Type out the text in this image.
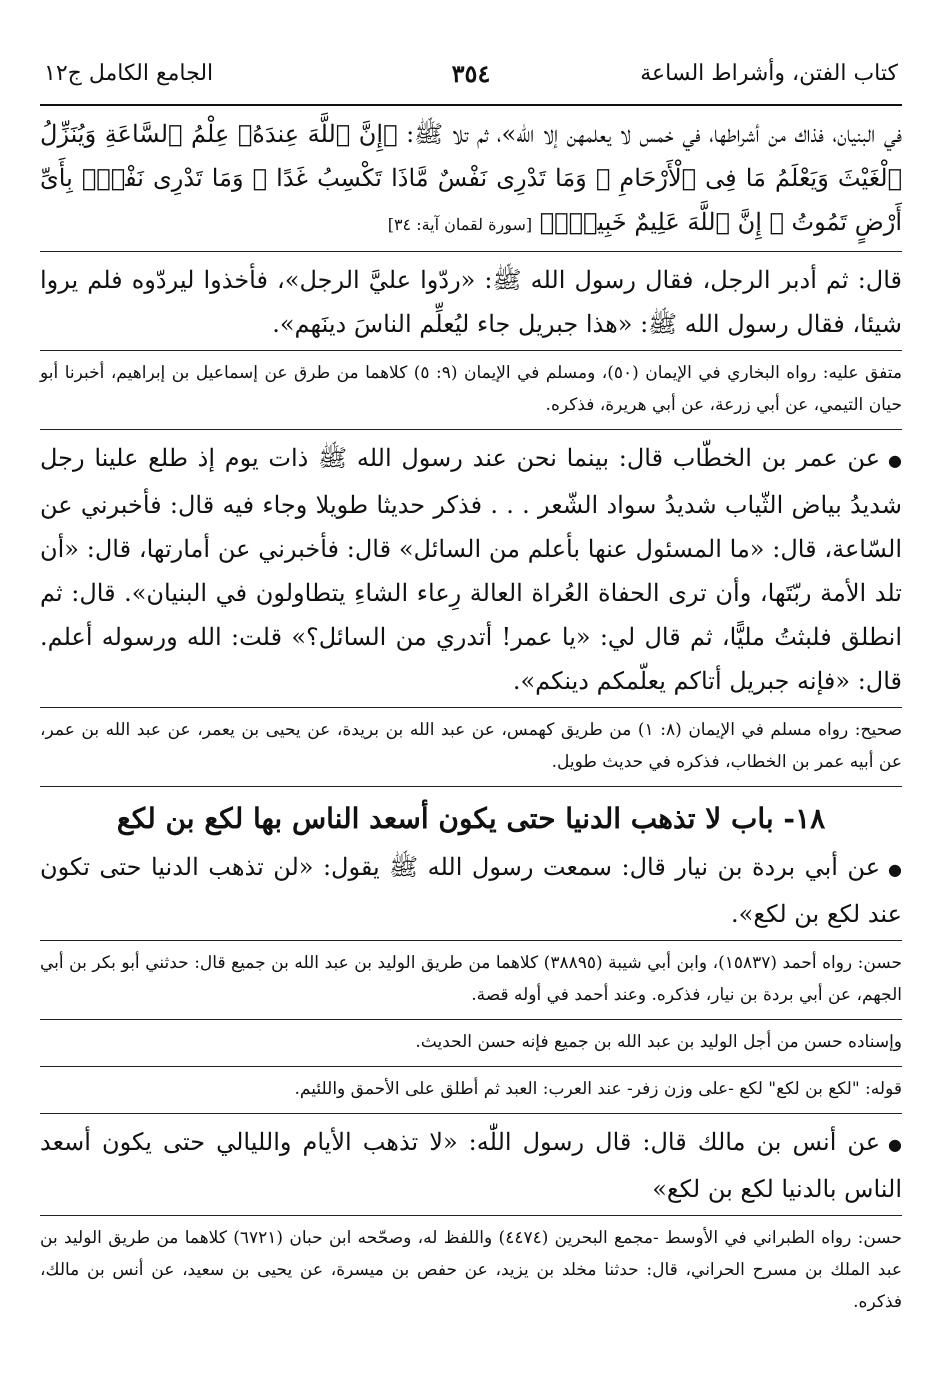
كتاب الفتن، وأشراط الساعة
٣٥٤
الجامع الكامل ج١٢

في البنيان، فذاك من أشراطها، في خمس لا يعلمهن إلا الله»، ثم تلا ﷺ: ﴿إِنَّ ٱللَّهَ عِندَهُۥ عِلْمُ ٱلسَّاعَةِ وَيُنَزِّلُ ٱلْغَيْثَ وَيَعْلَمُ مَا فِى ٱلْأَرْحَامِ ۖ وَمَا تَدْرِى نَفْسٌ مَّاذَا تَكْسِبُ غَدًا ۖ وَمَا تَدْرِى نَفْسٌۢ بِأَىِّ أَرْضٍ تَمُوتُ ۚ إِنَّ ٱللَّهَ عَلِيمٌ خَبِيرٌۢ﴾ [سورة لقمان آية: ٣٤]

قال: ثم أدبر الرجل، فقال رسول الله ﷺ: «ردّوا عليَّ الرجل»، فأخذوا ليردّوه فلم يروا شيئا، فقال رسول الله ﷺ: «هذا جبريل جاء ليُعلِّم الناسَ دينَهم».

متفق عليه: رواه البخاري في الإيمان (٥٠)، ومسلم في الإيمان (٩: ٥) كلاهما من طرق عن إسماعيل بن إبراهيم، أخبرنا أبو حيان التيمي، عن أبي زرعة، عن أبي هريرة، فذكره.

●عن عمر بن الخطّاب قال: بينما نحن عند رسول الله ﷺ ذات يوم إذ طلع علينا رجل شديدُ بياض الثّياب شديدُ سواد الشّعر . . . فذكر حديثا طويلا وجاء فيه قال: فأخبرني عن السّاعة، قال: «ما المسئول عنها بأعلم من السائل» قال: فأخبرني عن أمارتها، قال: «أن تلد الأمة ربّتَها، وأن ترى الحفاة العُراة العالة رِعاء الشاءِ يتطاولون في البنيان». قال: ثم انطلق فلبثتُ مليًّا، ثم قال لي: «يا عمر! أتدري من السائل؟» قلت: الله ورسوله أعلم. قال: «فإنه جبريل أتاكم يعلّمكم دينكم».

صحيح: رواه مسلم في الإيمان (٨: ١) من طريق كهمس، عن عبد الله بن بريدة، عن يحيى بن يعمر، عن عبد الله بن عمر، عن أبيه عمر بن الخطاب، فذكره في حديث طويل.

١٨- باب لا تذهب الدنيا حتى يكون أسعد الناس بها لكع بن لكع

●عن أبي بردة بن نيار قال: سمعت رسول الله ﷺ يقول: «لن تذهب الدنيا حتى تكون عند لكع بن لكع».

حسن: رواه أحمد (١٥٨٣٧)، وابن أبي شيبة (٣٨٨٩٥) كلاهما من طريق الوليد بن عبد الله بن جميع قال: حدثني أبو بكر بن أبي الجهم، عن أبي بردة بن نيار، فذكره. وعند أحمد في أوله قصة.

وإسناده حسن من أجل الوليد بن عبد الله بن جميع فإنه حسن الحديث.

قوله: "لكع بن لكع" لكع -على وزن زفر- عند العرب: العبد ثم أطلق على الأحمق واللئيم.

●عن أنس بن مالك قال: قال رسول اللّٰه: «لا تذهب الأيام والليالي حتى يكون أسعد الناس بالدنيا لكع بن لكع»

حسن: رواه الطبراني في الأوسط -مجمع البحرين (٤٤٧٤) واللفظ له، وصحّحه ابن حبان (٦٧٢١) كلاهما من طريق الوليد بن عبد الملك بن مسرح الحراني، قال: حدثنا مخلد بن يزيد، عن حفص بن ميسرة، عن يحيى بن سعيد، عن أنس بن مالك، فذكره.
